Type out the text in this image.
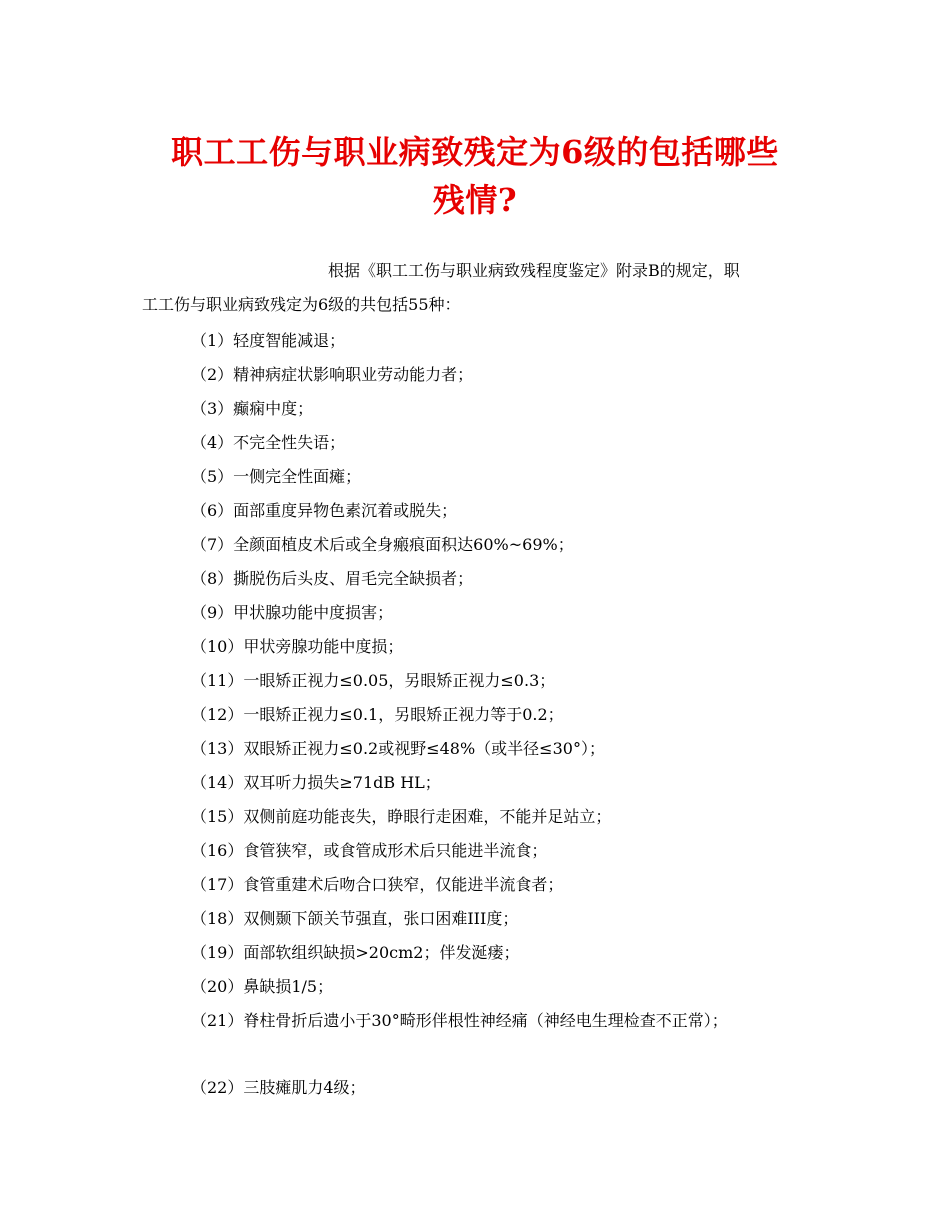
职工工伤与职业病致残定为6级的包括哪些
残情?
根据《职工工伤与职业病致残程度鉴定》附录B的规定，职
工工伤与职业病致残定为6级的共包括55种：
（1）轻度智能减退；
（2）精神病症状影响职业劳动能力者；
（3）癫痫中度；
（4）不完全性失语；
（5）一侧完全性面瘫；
（6）面部重度异物色素沉着或脱失；
（7）全颜面植皮术后或全身瘢痕面积达60%~69%；
（8）撕脱伤后头皮、眉毛完全缺损者；
（9）甲状腺功能中度损害；
（10）甲状旁腺功能中度损；
（11）一眼矫正视力≤0.05，另眼矫正视力≤0.3；
（12）一眼矫正视力≤0.1，另眼矫正视力等于0.2；
（13）双眼矫正视力≤0.2或视野≤48%（或半径≤30°）；
（14）双耳听力损失≥71dB HL；
（15）双侧前庭功能丧失，睁眼行走困难，不能并足站立；
（16）食管狭窄，或食管成形术后只能进半流食；
（17）食管重建术后吻合口狭窄，仅能进半流食者；
（18）双侧颞下颌关节强直，张口困难III度；
（19）面部软组织缺损>20cm2；伴发涎瘘；
（20）鼻缺损1/5；
（21）脊柱骨折后遗小于30°畸形伴根性神经痛（神经电生理检查不正常）；
（22）三肢瘫肌力4级；
